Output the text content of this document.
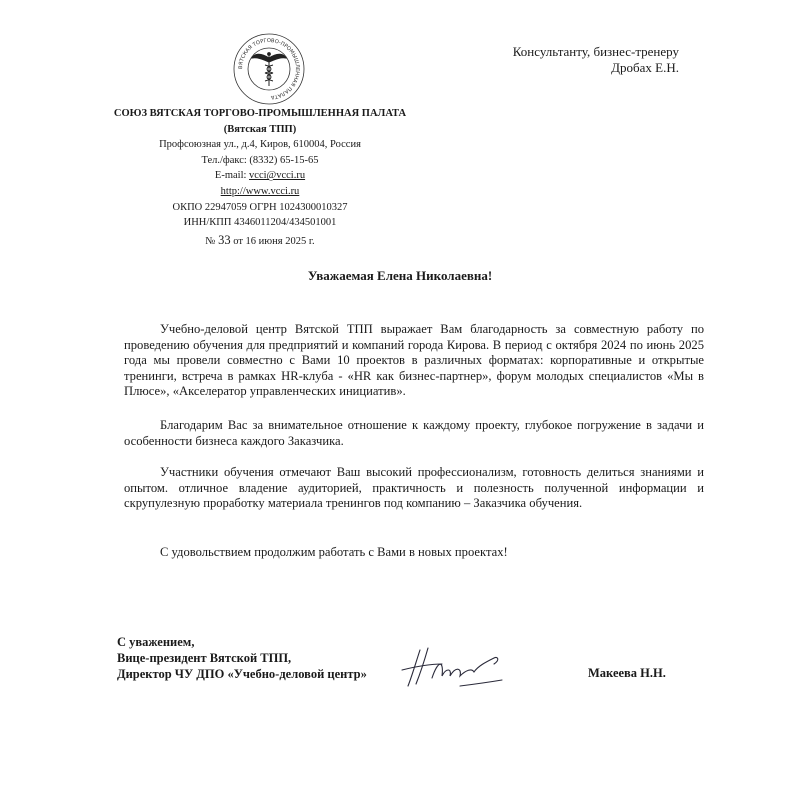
ВЯТСКАЯ ТОРГОВО-ПРОМЫШЛЕННАЯ ПАЛАТА
Консультанту, бизнес-тренеру
Дробах Е.Н.
СОЮЗ ВЯТСКАЯ ТОРГОВО-ПРОМЫШЛЕННАЯ ПАЛАТА
(Вятская ТПП)
Профсоюзная ул., д.4, Киров, 610004, Россия
Тел./факс: (8332) 65-15-65
E-mail: vcci@vcci.ru
http://www.vcci.ru
ОКПО 22947059 ОГРН 1024300010327
ИНН/КПП 4346011204/434501001
№ 33 от 16 июня 2025 г.
Уважаемая Елена Николаевна!
Учебно-деловой центр Вятской ТПП выражает Вам благодарность за совместную работу по проведению обучения для предприятий и компаний города Кирова. В период с октября 2024 по июнь 2025 года мы провели совместно с Вами 10 проектов в различных форматах: корпоративные и открытые тренинги, встреча в рамках HR-клуба - «HR как бизнес-партнер», форум молодых специалистов «Мы в Плюсе», «Акселератор управленческих инициатив».
Благодарим Вас за внимательное отношение к каждому проекту, глубокое погружение в задачи и особенности бизнеса каждого Заказчика.
Участники обучения отмечают Ваш высокий профессионализм, готовность делиться знаниями и опытом. отличное владение аудиторией, практичность и полезность полученной информации и скрупулезную проработку материала тренингов под компанию – Заказчика обучения.
С удовольствием продолжим работать с Вами в новых проектах!
С уважением,
Вице-президент Вятской ТПП,
Директор ЧУ ДПО «Учебно-деловой центр»	Макеева Н.Н.
